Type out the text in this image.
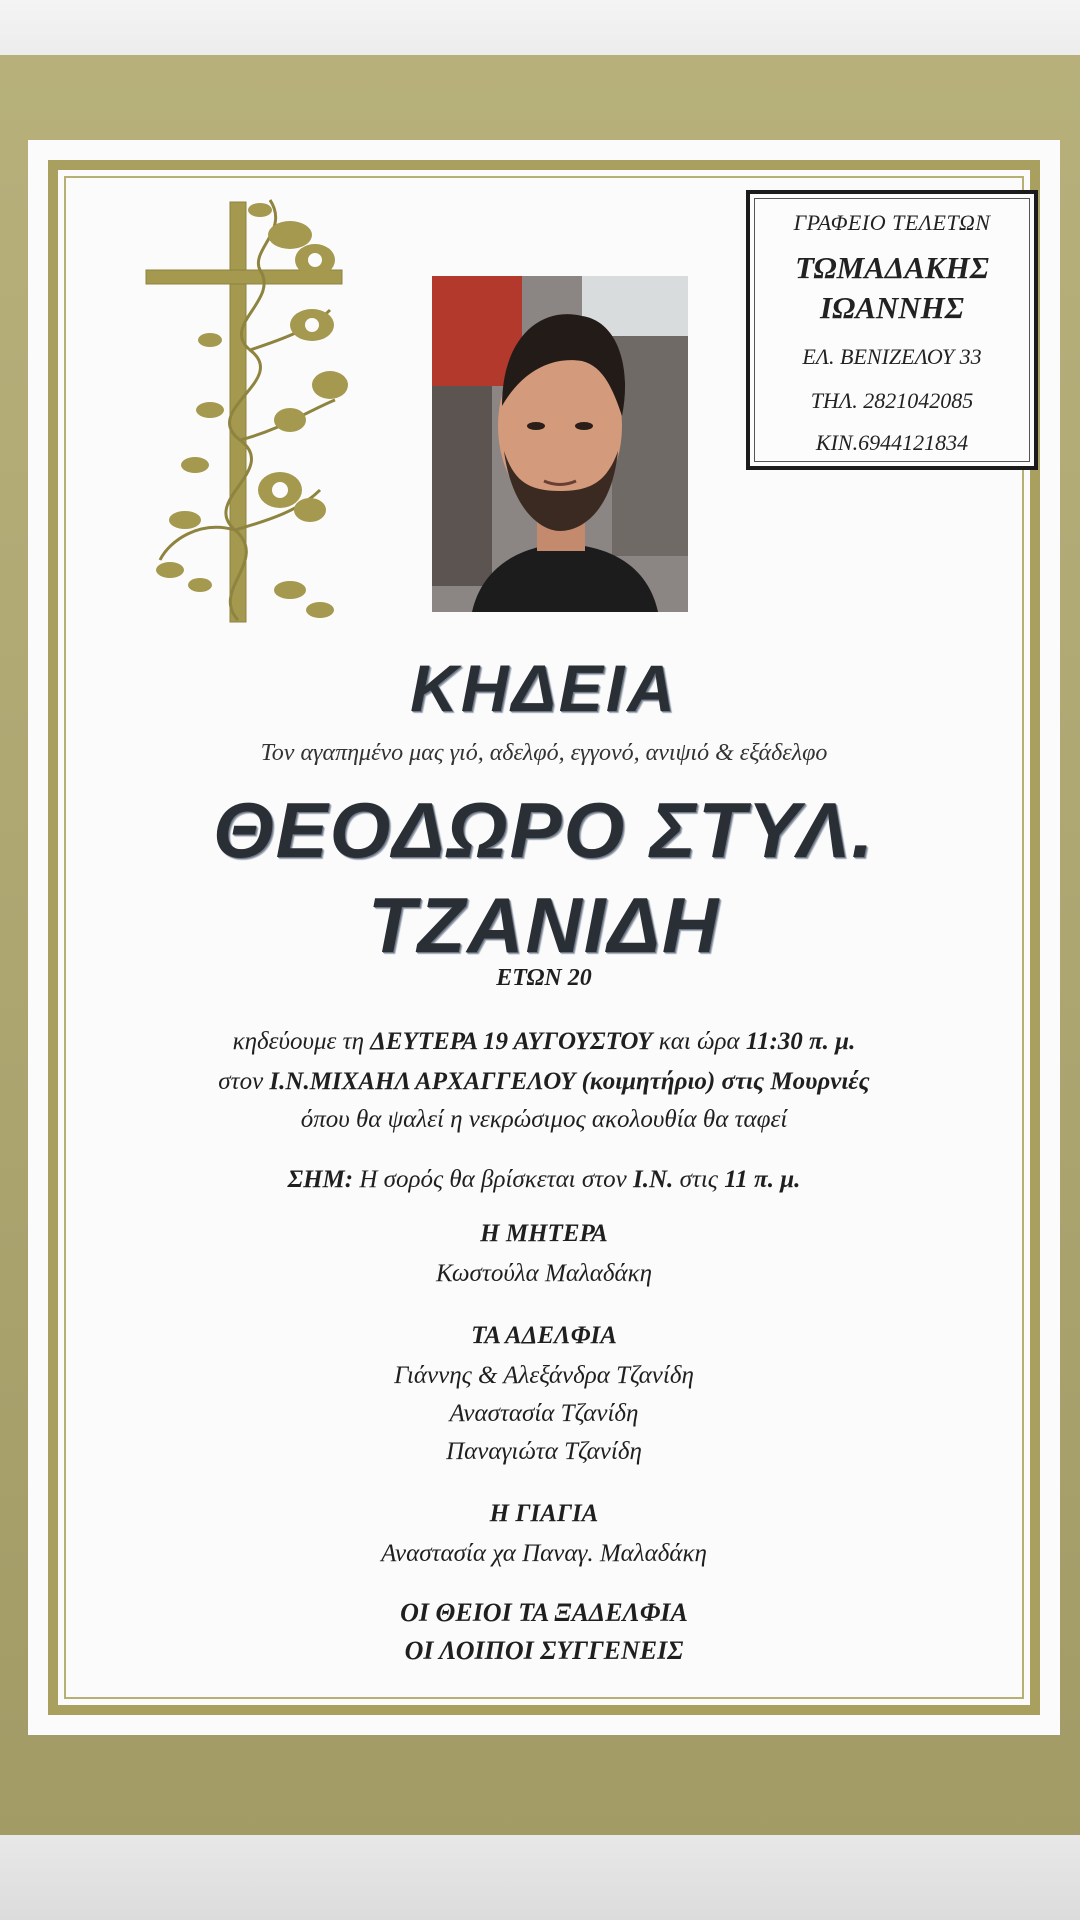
ΓΡΑΦΕΙΟ ΤΕΛΕΤΩΝ
ΤΩΜΑΔΑΚΗΣ
ΙΩΑΝΝΗΣ
ΕΛ. ΒΕΝΙΖΕΛΟΥ 33
ΤΗΛ. 2821042085
ΚΙΝ.6944121834
ΚΗΔΕΙΑ
Τον αγαπημένο μας γιό, αδελφό, εγγονό, ανιψιό & εξάδελφο
ΘΕΟΔΩΡΟ ΣΤΥΛ.
ΤΖΑΝΙΔΗ
ΕΤΩΝ 20
κηδεύουμε τη ΔΕΥΤΕΡΑ 19 ΑΥΓΟΥΣΤΟΥ και ώρα 11:30 π. μ.
στον Ι.Ν.ΜΙΧΑΗΛ ΑΡΧΑΓΓΕΛΟΥ (κοιμητήριο) στις Μουρνιές
όπου θα ψαλεί η νεκρώσιμος ακολουθία θα ταφεί
ΣΗΜ: Η σορός θα βρίσκεται στον Ι.Ν. στις 11 π. μ.
Η ΜΗΤΕΡΑ
Κωστούλα Μαλαδάκη
ΤΑ ΑΔΕΛΦΙΑ
Γιάννης & Αλεξάνδρα Τζανίδη
Αναστασία Τζανίδη
Παναγιώτα Τζανίδη
Η ΓΙΑΓΙΑ
Αναστασία χα Παναγ. Μαλαδάκη
ΟΙ ΘΕΙΟΙ ΤΑ ΞΑΔΕΛΦΙΑ
ΟΙ ΛΟΙΠΟΙ ΣΥΓΓΕΝΕΙΣ
